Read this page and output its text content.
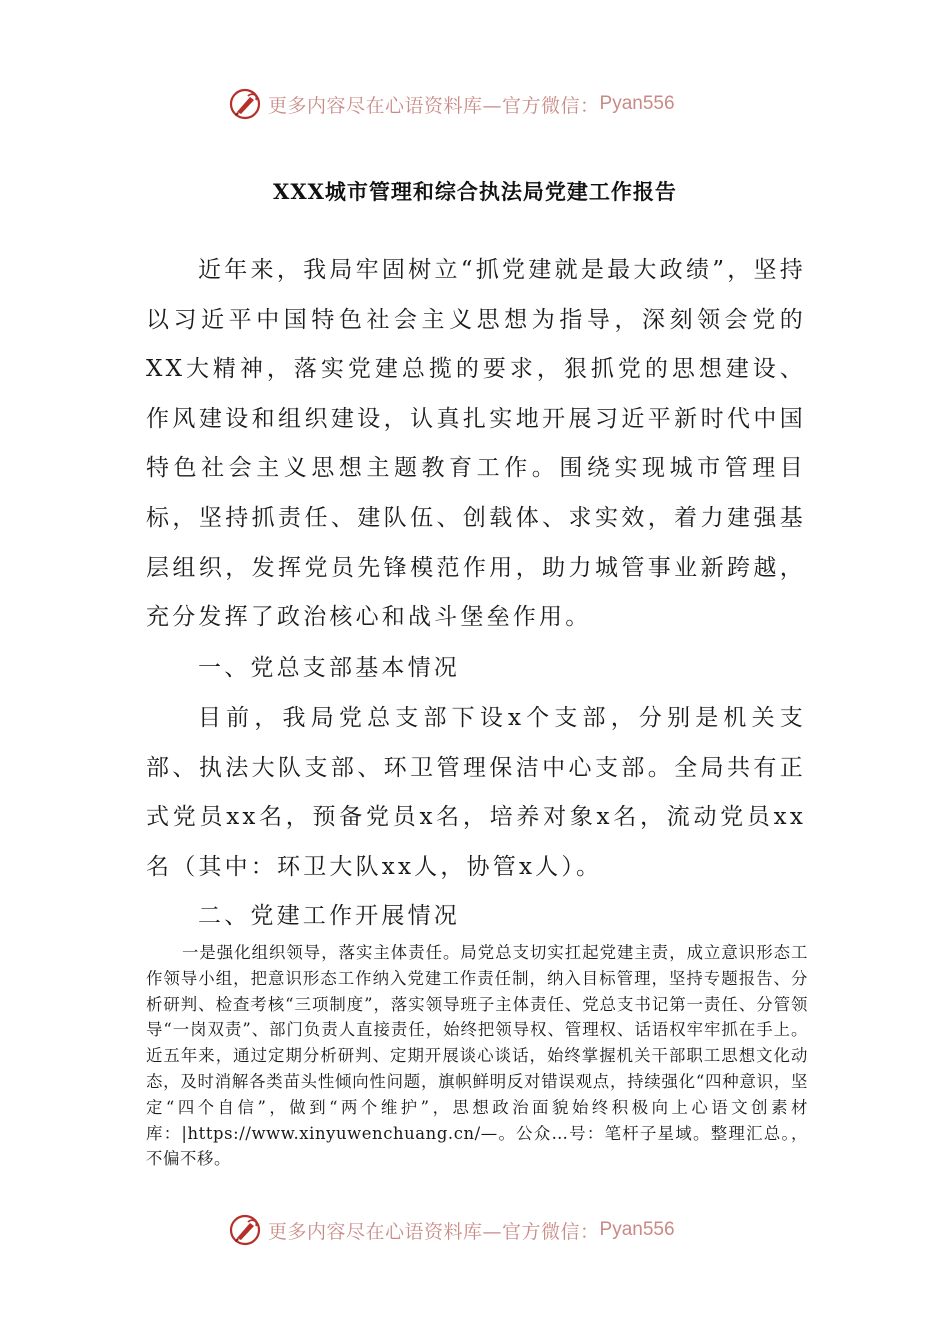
更多内容尽在心语资料库—官方微信： Pyan556
XXX城市管理和综合执法局党建工作报告

近年来，我局牢固树立“抓党建就是最大政绩”，坚持以习近平中国特色社会主义思想为指导，深刻领会党的XX大精神，落实党建总揽的要求，狠抓党的思想建设、作风建设和组织建设，认真扎实地开展习近平新时代中国特色社会主义思想主题教育工作。围绕实现城市管理目标，坚持抓责任、建队伍、创载体、求实效，着力建强基层组织，发挥党员先锋模范作用，助力城管事业新跨越，充分发挥了政治核心和战斗堡垒作用。

一、党总支部基本情况

目前，我局党总支部下设x个支部，分别是机关支部、执法大队支部、环卫管理保洁中心支部。全局共有正式党员xx名，预备党员x名，培养对象x名，流动党员xx名（其中：环卫大队xx人，协管x人）。

二、党建工作开展情况

一是强化组织领导，落实主体责任。局党总支切实扛起党建主责，成立意识形态工作领导小组，把意识形态工作纳入党建工作责任制，纳入目标管理，坚持专题报告、分析研判、检查考核“三项制度”，落实领导班子主体责任、党总支书记第一责任、分管领导“一岗双责”、部门负责人直接责任，始终把领导权、管理权、话语权牢牢抓在手上。近五年来，通过定期分析研判、定期开展谈心谈话，始终掌握机关干部职工思想文化动态，及时消解各类苗头性倾向性问题，旗帜鲜明反对错误观点，持续强化“四种意识，坚定“四个自信”，做到“两个维护”，思想政治面貌始终积极向上心语文创素材库：|https://www.xinyuwenchuang.cn/—。公众…号：笔杆子星域。整理汇总。，不偏不移。

更多内容尽在心语资料库—官方微信： Pyan556
